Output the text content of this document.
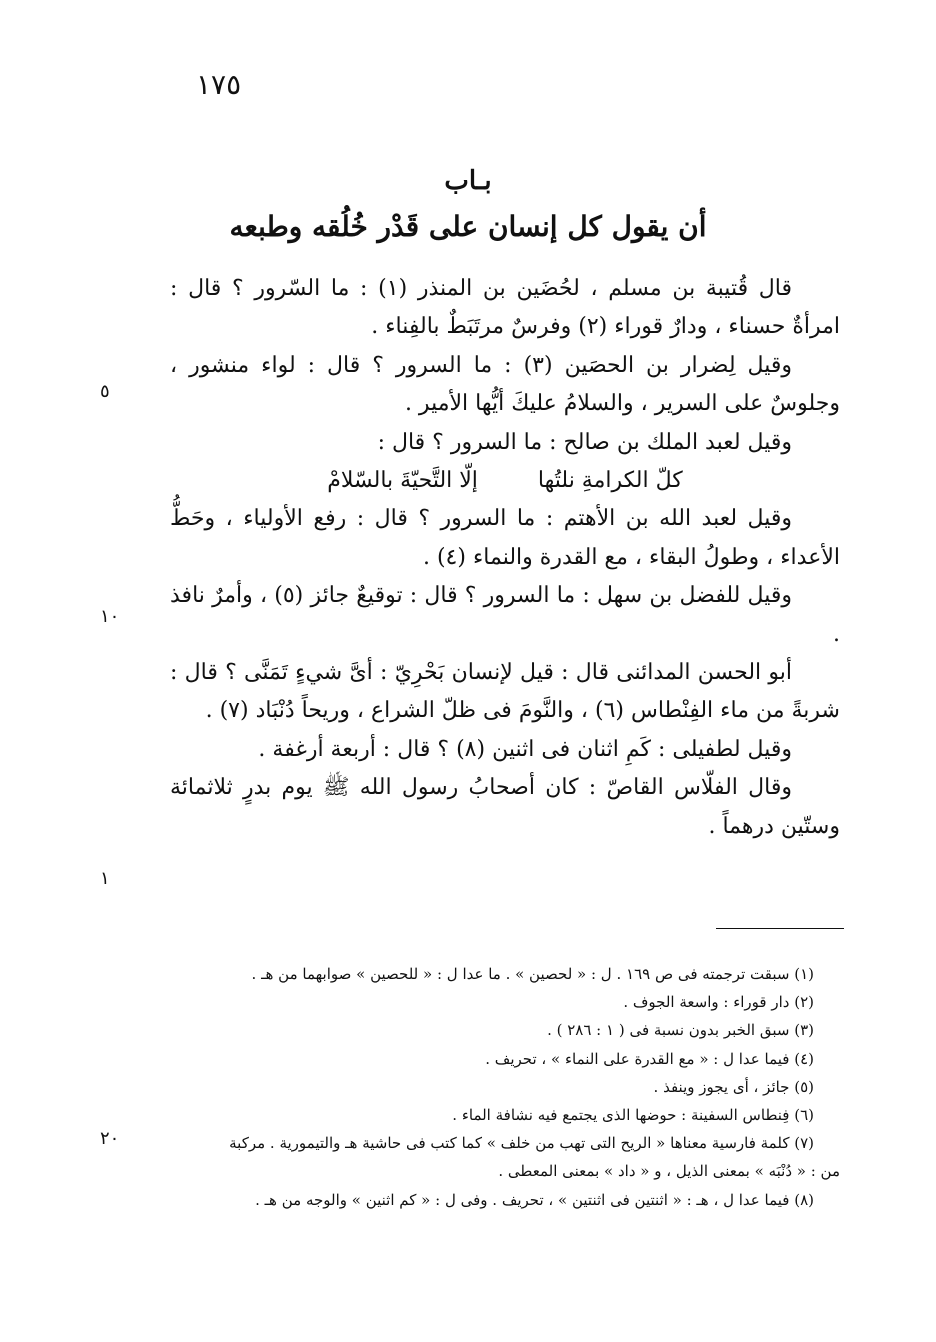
١٧٥
بـاب
أن يقول كل إنسان على قَدْر خُلُقه وطبعه
٥
١٠
١
٢٠

قال قُتيبة بن مسلم ، لحُضَين بن المنذر (١) : ما السّرور ؟ قال : امرأةٌ حسناء ، ودارٌ قوراء (٢) وفرسٌ مرتَبَطٌ بالفِناء .

وقيل لِضرار بن الحصَين (٣) : ما السرور ؟ قال : لواء منشور ، وجلوسٌ على السرير ، والسلامُ عليكَ أيُّها الأمير .

وقيل لعبد الملك بن صالح : ما السرور ؟ قال :

كلّ الكرامةِ نلتُها
إلّا التَّحيّةَ بالسّلامْ

وقيل لعبد الله بن الأهتم : ما السرور ؟ قال : رفع الأولياء ، وحَطُّ الأعداء ، وطولُ البقاء ، مع القدرة والنماء (٤) .

وقيل للفضل بن سهل : ما السرور ؟ قال : توقيعٌ جائز (٥) ، وأمرٌ نافذ .

أبو الحسن المدائنى قال : قيل لإنسان بَحْرِيّ : أىَّ شيءٍ تَمَنَّى ؟ قال : شربةً من ماء الفِنْطاس (٦) ، والنَّومَ فى ظلّ الشراع ، وريحاً دُنْبَاد (٧) .

وقيل لطفيلى : كَمِ اثنان فى اثنين (٨) ؟ قال : أربعة أرغفة .

وقال الفلّاس القاصّ : كان أصحابُ رسول الله ﷺ يوم بدرٍ ثلاثمائة وستّين درهماً .

(١) سبقت ترجمته فى ص ١٦٩ . ل : « لحصين » . ما عدا ل : « للحصين » صوابهما من هـ .

(٢) دار قوراء : واسعة الجوف .

(٣) سبق الخبر بدون نسبة فى ( ١ : ٢٨٦ ) .

(٤) فيما عدا ل : « مع القدرة على النماء » ، تحريف .

(٥) جائز ، أى يجوز وينفذ .

(٦) فِنطاس السفينة : حوضها الذى يجتمع فيه نشافة الماء .

(٧) كلمة فارسية معناها « الريح التى تهب من خلف » كما كتب فى حاشية هـ والتيمورية . مركبة

من : « دُنْبَه » بمعنى الذيل ، و « داد » بمعنى المعطى .

(٨) فيما عدا ل ، هـ : « اثنتين فى اثنتين » ، تحريف . وفى ل : « كم اثنين » والوجه من هـ .
